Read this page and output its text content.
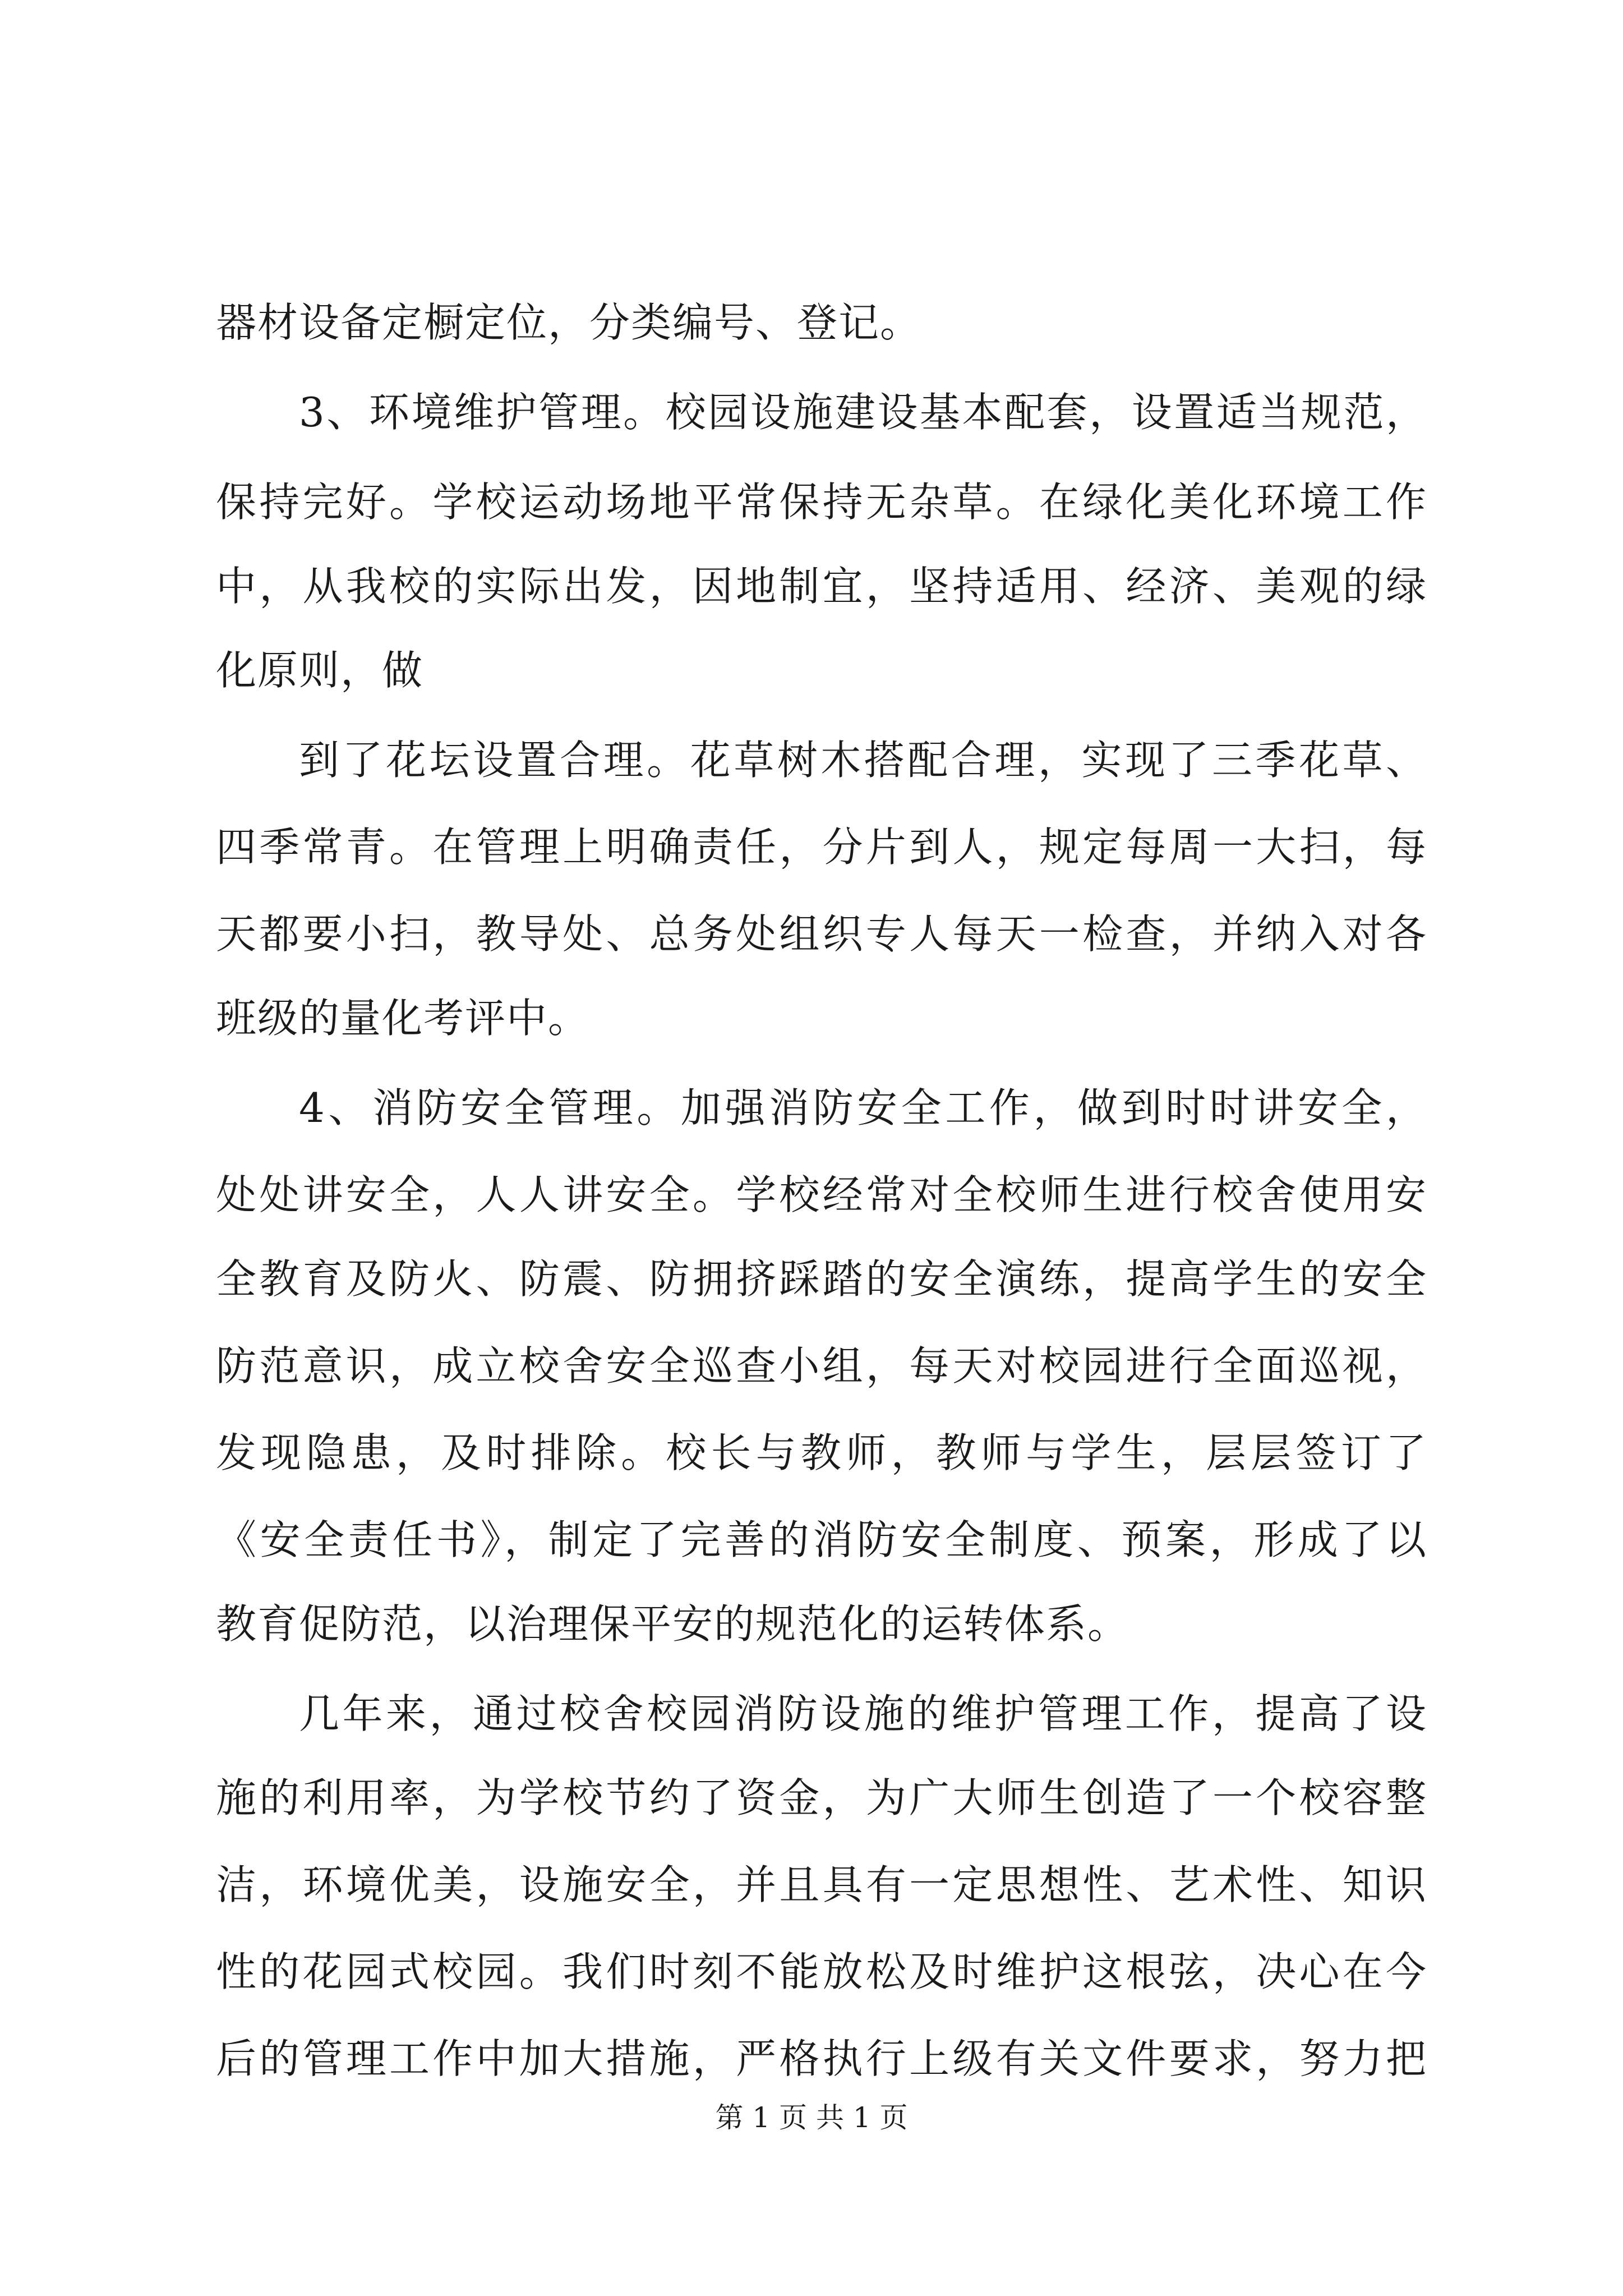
器材设备定橱定位，分类编号、登记。
3、环境维护管理。校园设施建设基本配套，设置适当规范，
保持完好。学校运动场地平常保持无杂草。在绿化美化环境工作
中，从我校的实际出发，因地制宜，坚持适用、经济、美观的绿
化原则，做
到了花坛设置合理。花草树木搭配合理，实现了三季花草、
四季常青。在管理上明确责任，分片到人，规定每周一大扫，每
天都要小扫，教导处、总务处组织专人每天一检查，并纳入对各
班级的量化考评中。
4、消防安全管理。加强消防安全工作，做到时时讲安全，
处处讲安全，人人讲安全。学校经常对全校师生进行校舍使用安
全教育及防火、防震、防拥挤踩踏的安全演练，提高学生的安全
防范意识，成立校舍安全巡查小组，每天对校园进行全面巡视，
发现隐患，及时排除。校长与教师，教师与学生，层层签订了
《安全责任书》，制定了完善的消防安全制度、预案，形成了以
教育促防范，以治理保平安的规范化的运转体系。
几年来，通过校舍校园消防设施的维护管理工作，提高了设
施的利用率，为学校节约了资金，为广大师生创造了一个校容整
洁，环境优美，设施安全，并且具有一定思想性、艺术性、知识
性的花园式校园。我们时刻不能放松及时维护这根弦，决心在今
后的管理工作中加大措施，严格执行上级有关文件要求，努力把
第 1 页 共 1 页
